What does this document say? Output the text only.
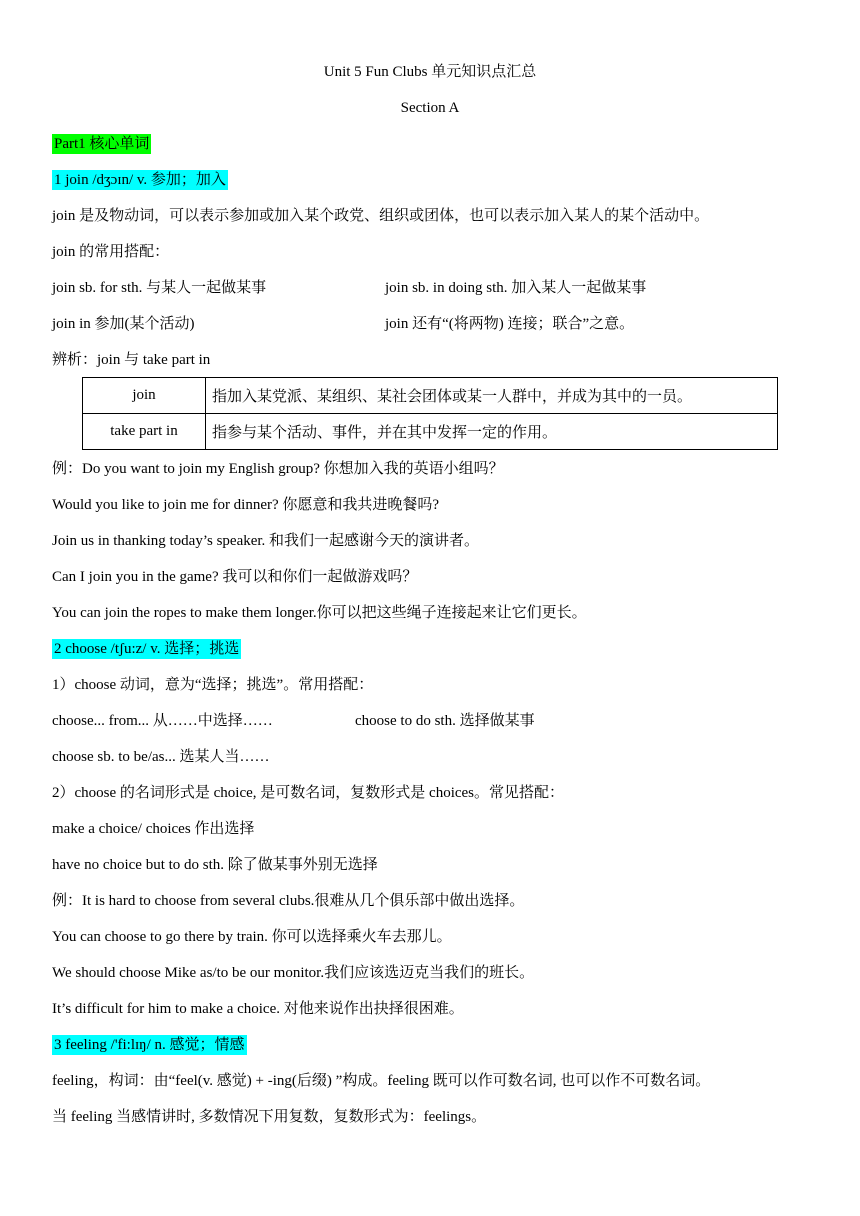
Unit 5 Fun Clubs 单元知识点汇总
Section A
Part1 核心单词
1 join /dʒɔɪn/ v. 参加；加入
join 是及物动词，可以表示参加或加入某个政党、组织或团体，也可以表示加入某人的某个活动中。
join 的常用搭配：
join sb. for sth. 与某人一起做某事	join sb. in doing sth. 加入某人一起做某事
join in 参加(某个活动)	join 还有“(将两物) 连接；联合”之意。
辨析：join 与 take part in
join	指加入某党派、某组织、某社会团体或某一人群中，并成为其中的一员。
take part in	指参与某个活动、事件，并在其中发挥一定的作用。
例：Do you want to join my English group? 你想加入我的英语小组吗？
Would you like to join me for dinner? 你愿意和我共进晚餐吗?
Join us in thanking today’s speaker. 和我们一起感谢今天的演讲者。
Can I join you in the game? 我可以和你们一起做游戏吗？
You can join the ropes to make them longer.你可以把这些绳子连接起来让它们更长。
2 choose /tʃu:z/ v. 选择；挑选
1）choose 动词，意为“选择；挑选”。常用搭配：
choose... from... 从……中选择……	choose to do sth. 选择做某事
choose sb. to be/as... 选某人当……
2）choose 的名词形式是 choice, 是可数名词，复数形式是 choices。常见搭配：
make a choice/ choices 作出选择
have no choice but to do sth. 除了做某事外别无选择
例：It is hard to choose from several clubs.很难从几个俱乐部中做出选择。
You can choose to go there by train. 你可以选择乘火车去那儿。
We should choose Mike as/to be our monitor.我们应该选迈克当我们的班长。
It’s difficult for him to make a choice. 对他来说作出抉择很困难。
3 feeling /'fi:lɪŋ/ n. 感觉；情感
feeling，构词：由“feel(v. 感觉) + -ing(后缀) ”构成。feeling 既可以作可数名词, 也可以作不可数名词。
当 feeling 当感情讲时, 多数情况下用复数，复数形式为：feelings。
